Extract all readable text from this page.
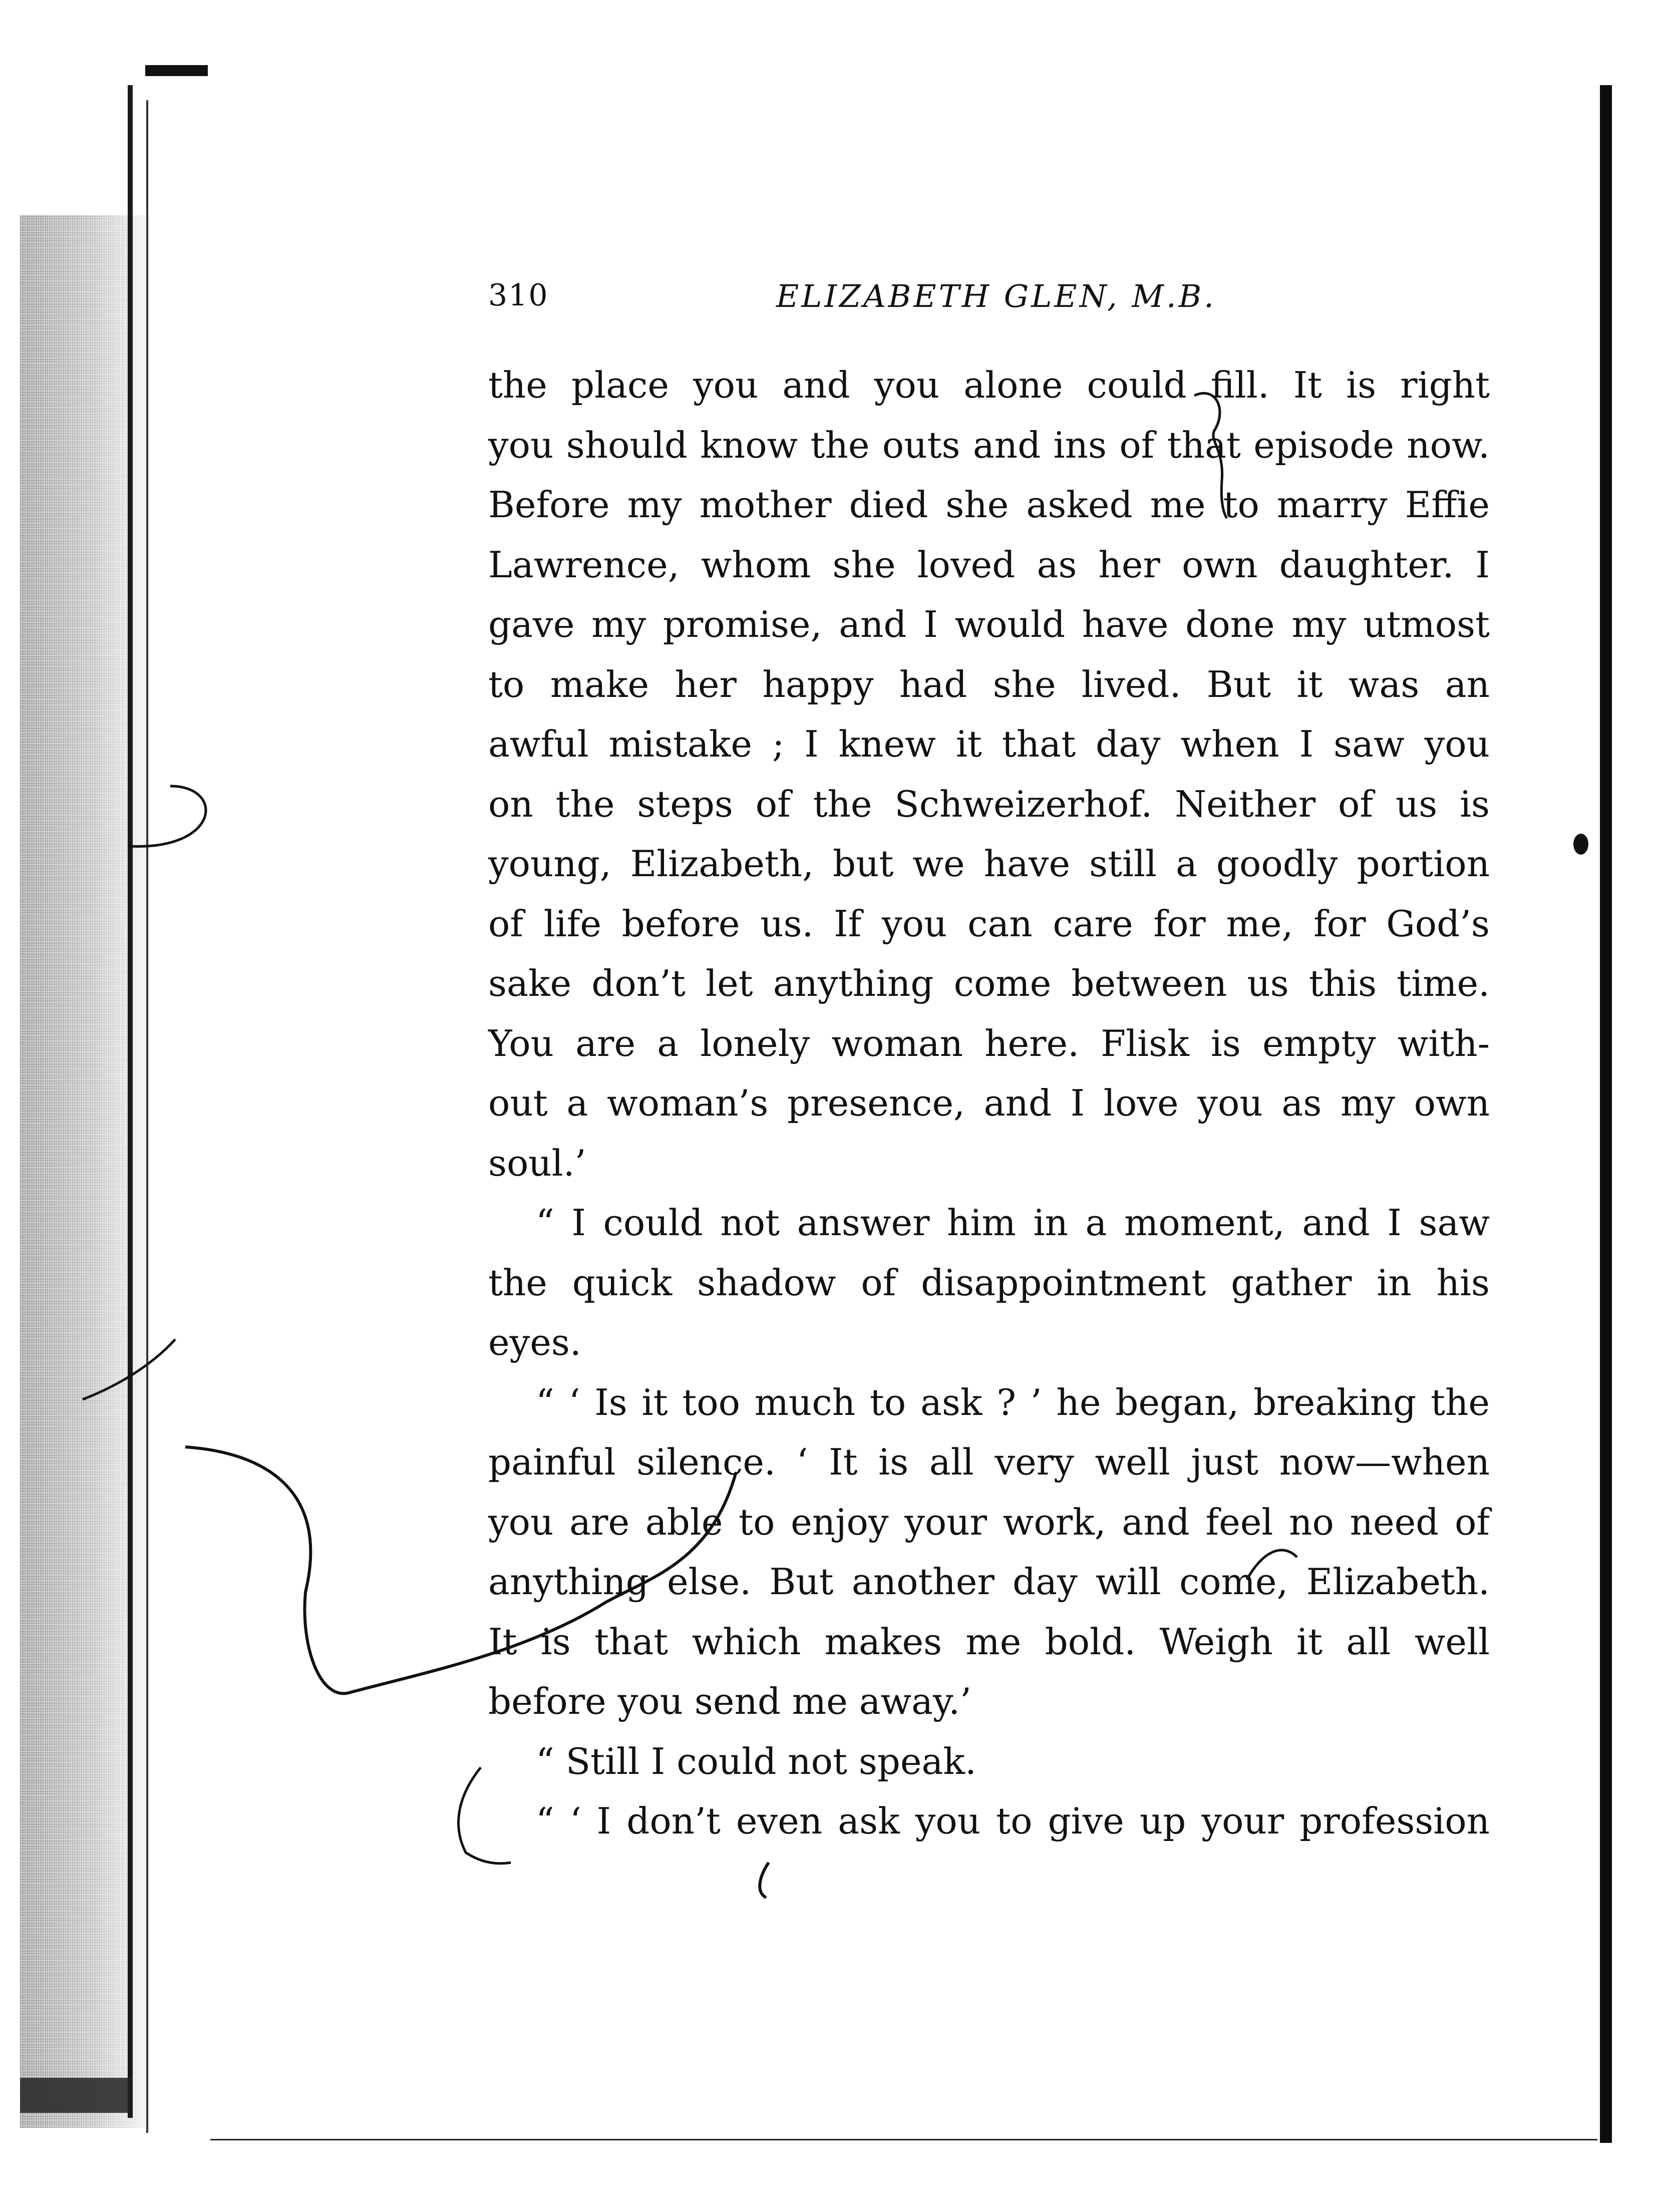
310	ELIZABETH GLEN, M.B.
the place you and you alone could fill. It is right
you should know the outs and ins of that episode now.
Before my mother died she asked me to marry Effie
Lawrence, whom she loved as her own daughter. I
gave my promise, and I would have done my utmost
to make her happy had she lived. But it was an
awful mistake ; I knew it that day when I saw you
on the steps of the Schweizerhof. Neither of us is
young, Elizabeth, but we have still a goodly portion
of life before us. If you can care for me, for God’s
sake don’t let anything come between us this time.
You are a lonely woman here. Flisk is empty with-
out a woman’s presence, and I love you as my own
soul.’
“ I could not answer him in a moment, and I saw
the quick shadow of disappointment gather in his
eyes.
“ ‘ Is it too much to ask ? ’ he began, breaking the
painful silence. ‘ It is all very well just now—when
you are able to enjoy your work, and feel no need of
anything else. But another day will come, Elizabeth.
It is that which makes me bold. Weigh it all well
before you send me away.’
“ Still I could not speak.
“ ‘ I don’t even ask you to give up your profession
